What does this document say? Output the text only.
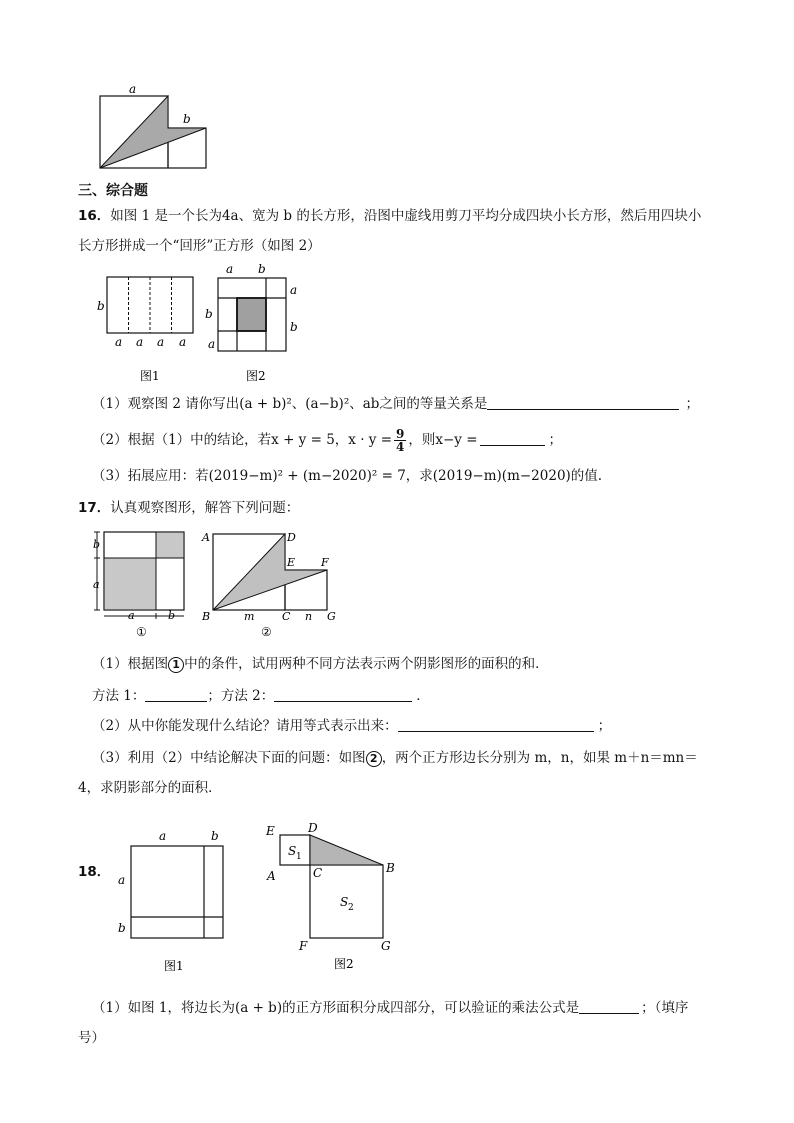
a
b
三、综合题
16．如图 1 是一个长为4a、宽为 b 的长方形，沿图中虚线用剪刀平均分成四块小长方形，然后用四块小
长方形拼成一个“回形”正方形（如图 2）
b
a a a a
图1
a b
b
a
a
b
图2
（1）观察图 2 请你写出(a + b)²、(a−b)²、ab之间的等量关系是	；
（2）根据（1）中的结论，若x + y = 5，$x \cdot y = \frac{9}{4}$ ，则x−y =	；
（3）拓展应用：若(2019−m)² + (m−2020)² = 7，求(2019−m)(m−2020)的值.
17．认真观察图形，解答下列问题：
b
a
a	b
①
A	D
E F
B	C	G
m	n
②
（1）根据图 1 中的条件，试用两种不同方法表示两个阴影图形的面积的和．
方法 1：	；方法 2：	．
（2）从中你能发现什么结论？请用等式表示出来：	；
（3）利用（2）中结论解决下面的问题：如图 2 ，两个正方形边长分别为 m，n，如果 m＋n＝mn＝
4，求阴影部分的面积．
18．
a	b
a
b
图1
E	D
A	C	B
F	G
S 1
S 2
图2
（1）如图 1，将边长为(a + b)的正方形面积分成四部分，可以验证的乘法公式是	；（填序
号）
